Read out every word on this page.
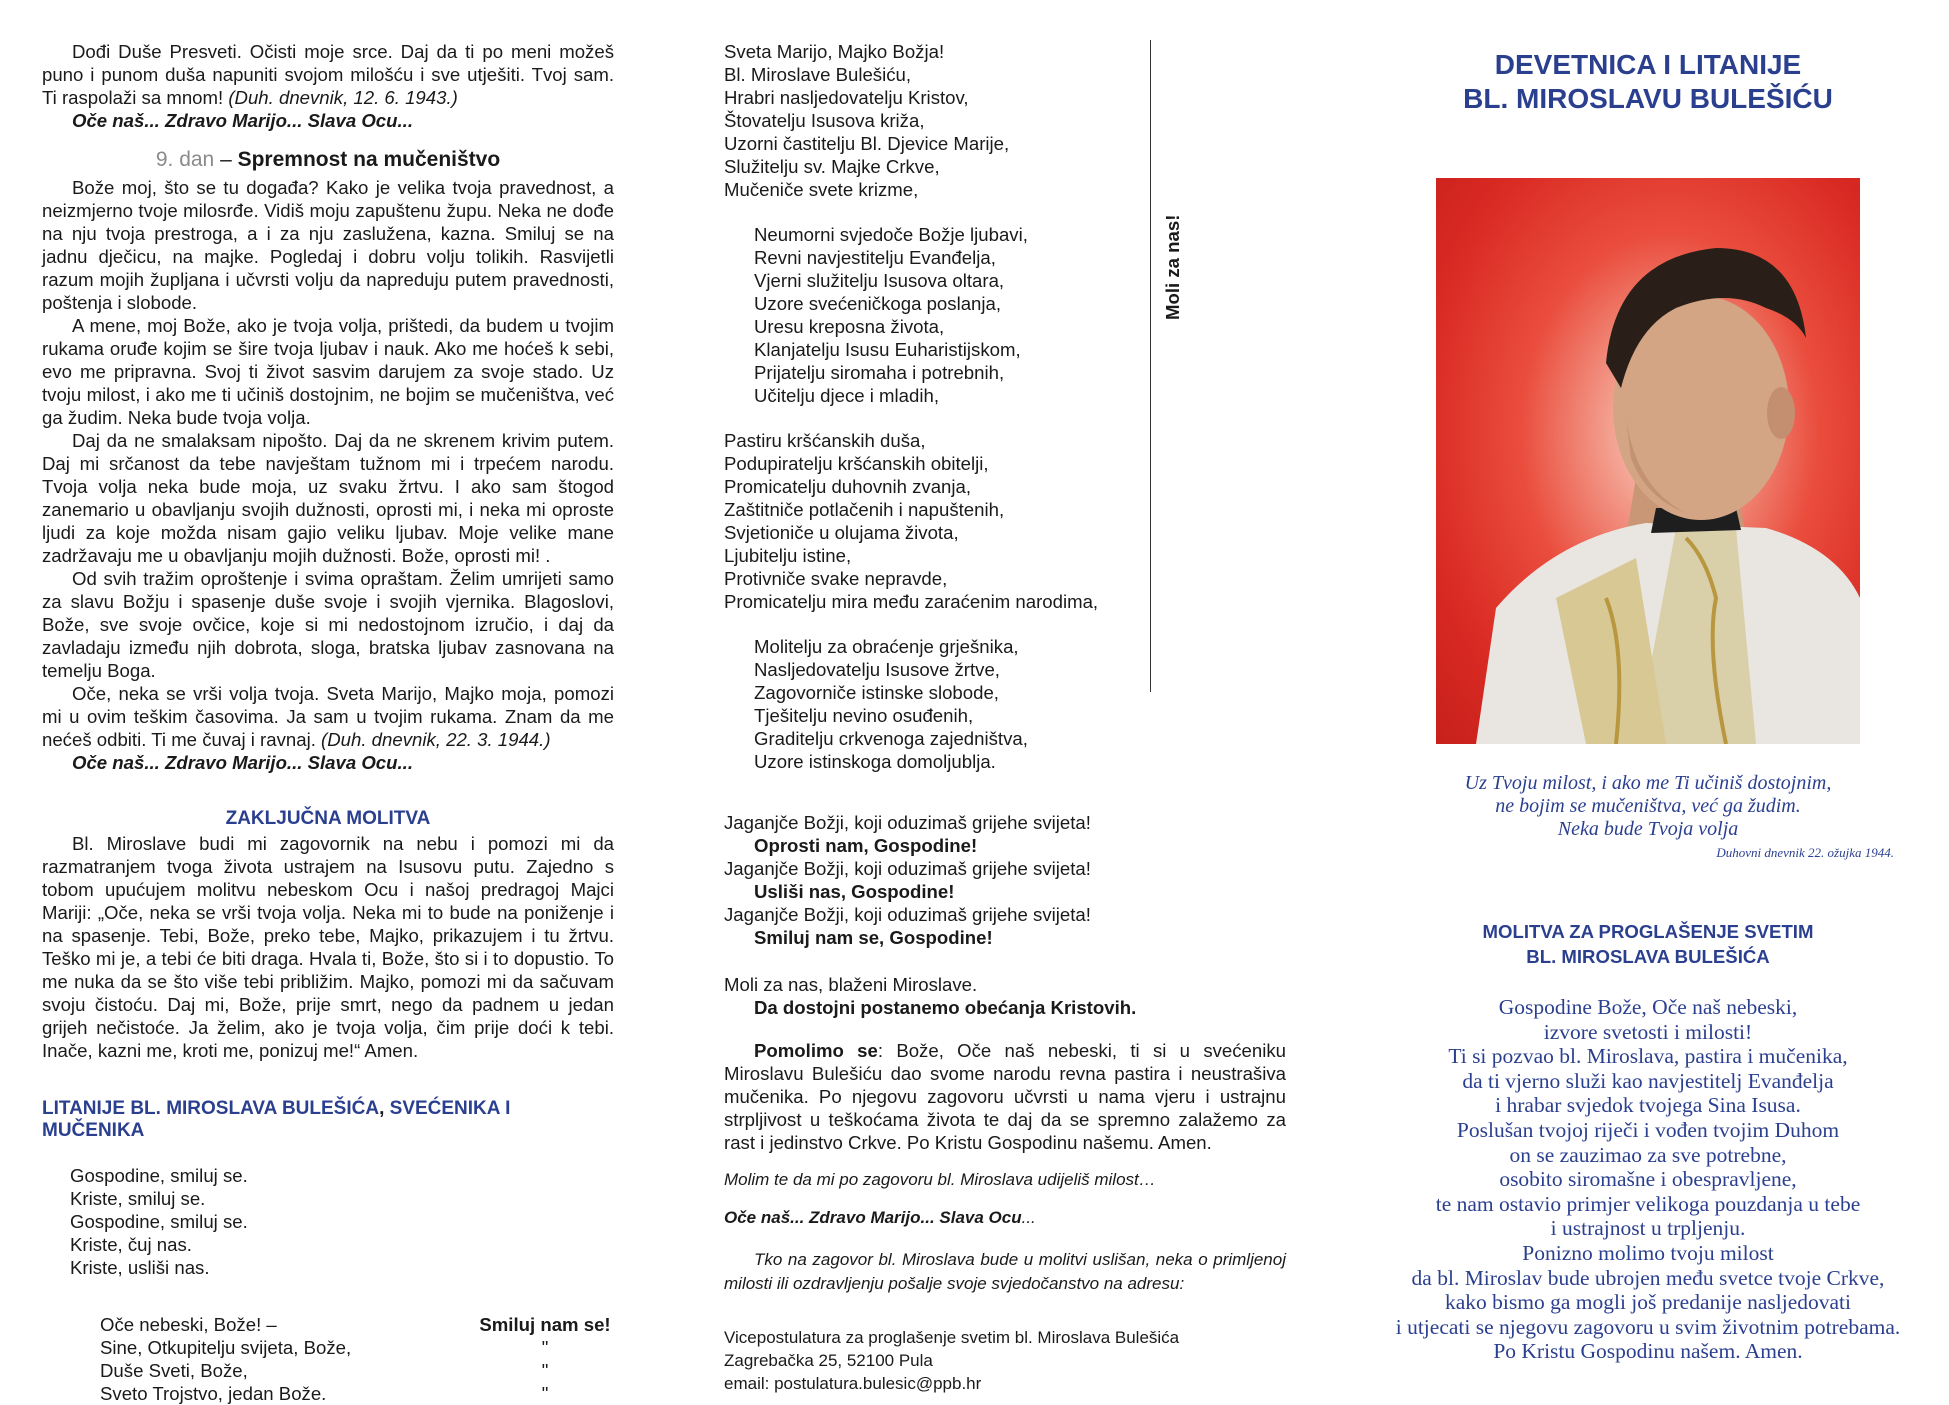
Dođi Duše Presveti. Očisti moje srce. Daj da ti po meni možeš puno i punom duša napuniti svojom milošću i sve utješiti. Tvoj sam. Ti raspolaži sa mnom! (Duh. dnevnik, 12. 6. 1943.)

Oče naš... Zdravo Marijo... Slava Ocu...

9. dan – Spremnost na mučeništvo

Bože moj, što se tu događa? Kako je velika tvoja pravednost, a neizmjerno tvoje milosrđe. Vidiš moju zapuštenu župu. Neka ne dođe na nju tvoja prestroga, a i za nju zaslužena, kazna. Smiluj se na jadnu dječicu, na majke. Pogledaj i dobru volju tolikih. Rasvijetli razum mojih župljana i učvrsti volju da napreduju putem pravednosti, poštenja i slobode.

A mene, moj Bože, ako je tvoja volja, prištedi, da budem u tvojim rukama oruđe kojim se šire tvoja ljubav i nauk. Ako me hoćeš k sebi, evo me pripravna. Svoj ti život sasvim darujem za svoje stado. Uz tvoju milost, i ako me ti učiniš dostojnim, ne bojim se mučeništva, već ga žudim. Neka bude tvoja volja.

Daj da ne smalaksam nipošto. Daj da ne skrenem krivim putem. Daj mi srčanost da tebe navještam tužnom mi i trpećem narodu. Tvoja volja neka bude moja, uz svaku žrtvu. I ako sam štogod zanemario u obavljanju svojih dužnosti, oprosti mi, i neka mi oproste ljudi za koje možda nisam gajio veliku ljubav. Moje velike mane zadržavaju me u obavljanju mojih dužnosti. Bože, oprosti mi! .

Od svih tražim oproštenje i svima opraštam. Želim umrijeti samo za slavu Božju i spasenje duše svoje i svojih vjernika. Blagoslovi, Bože, sve svoje ovčice, koje si mi nedostojnom izručio, i daj da zavladaju između njih dobrota, sloga, bratska ljubav zasnovana na temelju Boga.

Oče, neka se vrši volja tvoja. Sveta Marijo, Majko moja, pomozi mi u ovim teškim časovima. Ja sam u tvojim rukama. Znam da me nećeš odbiti. Ti me čuvaj i ravnaj. (Duh. dnevnik, 22. 3. 1944.)

Oče naš... Zdravo Marijo... Slava Ocu...

ZAKLJUČNA MOLITVA

Bl. Miroslave budi mi zagovornik na nebu i pomozi mi da razmatranjem tvoga života ustrajem na Isusovu putu. Zajedno s tobom upućujem molitvu nebeskom Ocu i našoj predragoj Majci Mariji: „Oče, neka se vrši tvoja volja. Neka mi to bude na poniženje i na spasenje. Tebi, Bože, preko tebe, Majko, prikazujem i tu žrtvu. Teško mi je, a tebi će biti draga. Hvala ti, Bože, što si i to dopustio. To me nuka da se što više tebi približim. Majko, pomozi mi da sačuvam svoju čistoću. Daj mi, Bože, prije smrt, nego da padnem u jedan grijeh nečistoće. Ja želim, ako je tvoja volja, čim prije doći k tebi. Inače, kazni me, kroti me, ponizuj me!“ Amen.

LITANIJE BL. MIROSLAVA BULEŠIĆA, SVEĆENIKA I MUČENIKA
Gospodine, smiluj se.
Kriste, smiluj se.
Gospodine, smiluj se.
Kriste, čuj nas.
Kriste, usliši nas.
Oče nebeski, Bože! –	Smiluj nam se!
Sine, Otkupitelju svijeta, Bože,	"
Duše Sveti, Bože,	"
Sveto Trojstvo, jedan Bože.	"
Sveta Marijo, Majko Božja!
Bl. Miroslave Bulešiću,
Hrabri nasljedovatelju Kristov,
Štovatelju Isusova križa,
Uzorni častitelju Bl. Djevice Marije,
Služitelju sv. Majke Crkve,
Mučeniče svete krizme,
Neumorni svjedoče Božje ljubavi,
Revni navjestitelju Evanđelja,
Vjerni služitelju Isusova oltara,
Uzore svećeničkoga poslanja,
Uresu kreposna života,
Klanjatelju Isusu Euharistijskom,
Prijatelju siromaha i potrebnih,
Učitelju djece i mladih,
Pastiru kršćanskih duša,
Podupiratelju kršćanskih obitelji,
Promicatelju duhovnih zvanja,
Zaštitniče potlačenih i napuštenih,
Svjetioniče u olujama života,
Ljubitelju istine,
Protivniče svake nepravde,
Promicatelju mira među zaraćenim narodima,
Molitelju za obraćenje grješnika,
Nasljedovatelju Isusove žrtve,
Zagovorniče istinske slobode,
Tješitelju nevino osuđenih,
Graditelju crkvenoga zajedništva,
Uzore istinskoga domoljublja.
Jaganjče Božji, koji oduzimaš grijehe svijeta!
Oprosti nam, Gospodine!
Jaganjče Božji, koji oduzimaš grijehe svijeta!
Usliši nas, Gospodine!
Jaganjče Božji, koji oduzimaš grijehe svijeta!
Smiluj nam se, Gospodine!
Moli za nas, blaženi Miroslave.
Da dostojni postanemo obećanja Kristovih.

Pomolimo se: Bože, Oče naš nebeski, ti si u svećeniku Miroslavu Bulešiću dao svome narodu revna pastira i neustrašiva mučenika. Po njegovu zagovoru učvrsti u nama vjeru i ustrajnu strpljivost u teškoćama života te daj da se spremno zalažemo za rast i jedinstvo Crkve. Po Kristu Gospodinu našemu. Amen.

Molim te da mi po zagovoru bl. Miroslava udijeliš milost…
Oče naš... Zdravo Marijo... Slava Ocu...
Tko na zagovor bl. Miroslava bude u molitvi uslišan, neka o primljenoj milosti ili ozdravljenju pošalje svoje svjedočanstvo na adresu:
Vicepostulatura za proglašenje svetim bl. Miroslava Bulešića
Zagrebačka 25, 52100 Pula
email: postulatura.bulesic@ppb.hr
Moli za nas!
DEVETNICA I LITANIJE
BL. MIROSLAVU BULEŠIĆU
Uz Tvoju milost, i ako me Ti učiniš dostojnim,
ne bojim se mučeništva, već ga žudim.
Neka bude Tvoja volja
Duhovni dnevnik 22. ožujka 1944.
MOLITVA ZA PROGLAŠENJE SVETIM
BL. MIROSLAVA BULEŠIĆA
Gospodine Bože, Oče naš nebeski,
izvore svetosti i milosti!
Ti si pozvao bl. Miroslava, pastira i mučenika,
da ti vjerno služi kao navjestitelj Evanđelja
i hrabar svjedok tvojega Sina Isusa.
Poslušan tvojoj riječi i vođen tvojim Duhom
on se zauzimao za sve potrebne,
osobito siromašne i obespravljene,
te nam ostavio primjer velikoga pouzdanja u tebe
i ustrajnost u trpljenju.
Ponizno molimo tvoju milost
da bl. Miroslav bude ubrojen među svetce tvoje Crkve,
kako bismo ga mogli još predanije nasljedovati
i utjecati se njegovu zagovoru u svim životnim potrebama.
Po Kristu Gospodinu našem. Amen.
